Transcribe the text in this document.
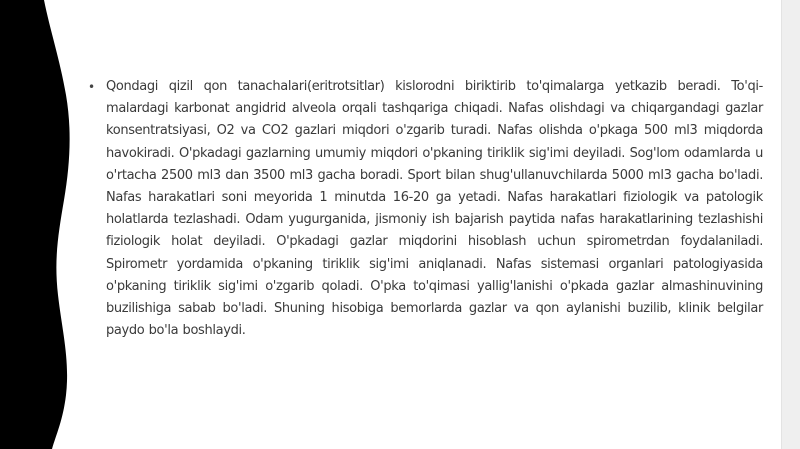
• Qondagi qizil qon tanachalari(eritrotsitlar) kislorodni biriktirib to'qimalarga yetkazib beradi. To'qi-malardagi karbonat angidrid alveola orqali tashqariga chiqadi. Nafas olishdagi va chiqargandagi gazlar konsentratsiyasi, O2 va CO2 gazlari miqdori o'zgarib turadi. Nafas olishda o'pkaga 500 ml3 miqdorda havokiradi. O'pkadagi gazlarning umumiy miqdori o'pkaning tiriklik sig'imi deyiladi. Sog'lom odamlarda u o'rtacha 2500 ml3 dan 3500 ml3 gacha boradi. Sport bilan shug'ullanuvchilarda 5000 ml3 gacha bo'ladi. Nafas harakatlari soni meyorida 1 minutda 16-20 ga yetadi. Nafas harakatlari fiziologik va patologik holatlarda tezlashadi. Odam yugurganida, jismoniy ish bajarish paytida nafas harakatlarining tezlashishi fiziologik holat deyiladi. O'pkadagi gazlar miqdorini hisoblash uchun spirometrdan foydalaniladi. Spirometr yordamida o'pkaning tiriklik sig'imi aniqlanadi. Nafas sistemasi organlari patologiyasida o'pkaning tiriklik sig'imi o'zgarib qoladi. O'pka to'qimasi yallig'lanishi o'pkada gazlar almashinuvining buzilishiga sabab bo'ladi. Shuning hisobiga bemorlarda gazlar va qon aylanishi buzilib, klinik belgilar paydo bo'la boshlaydi.
